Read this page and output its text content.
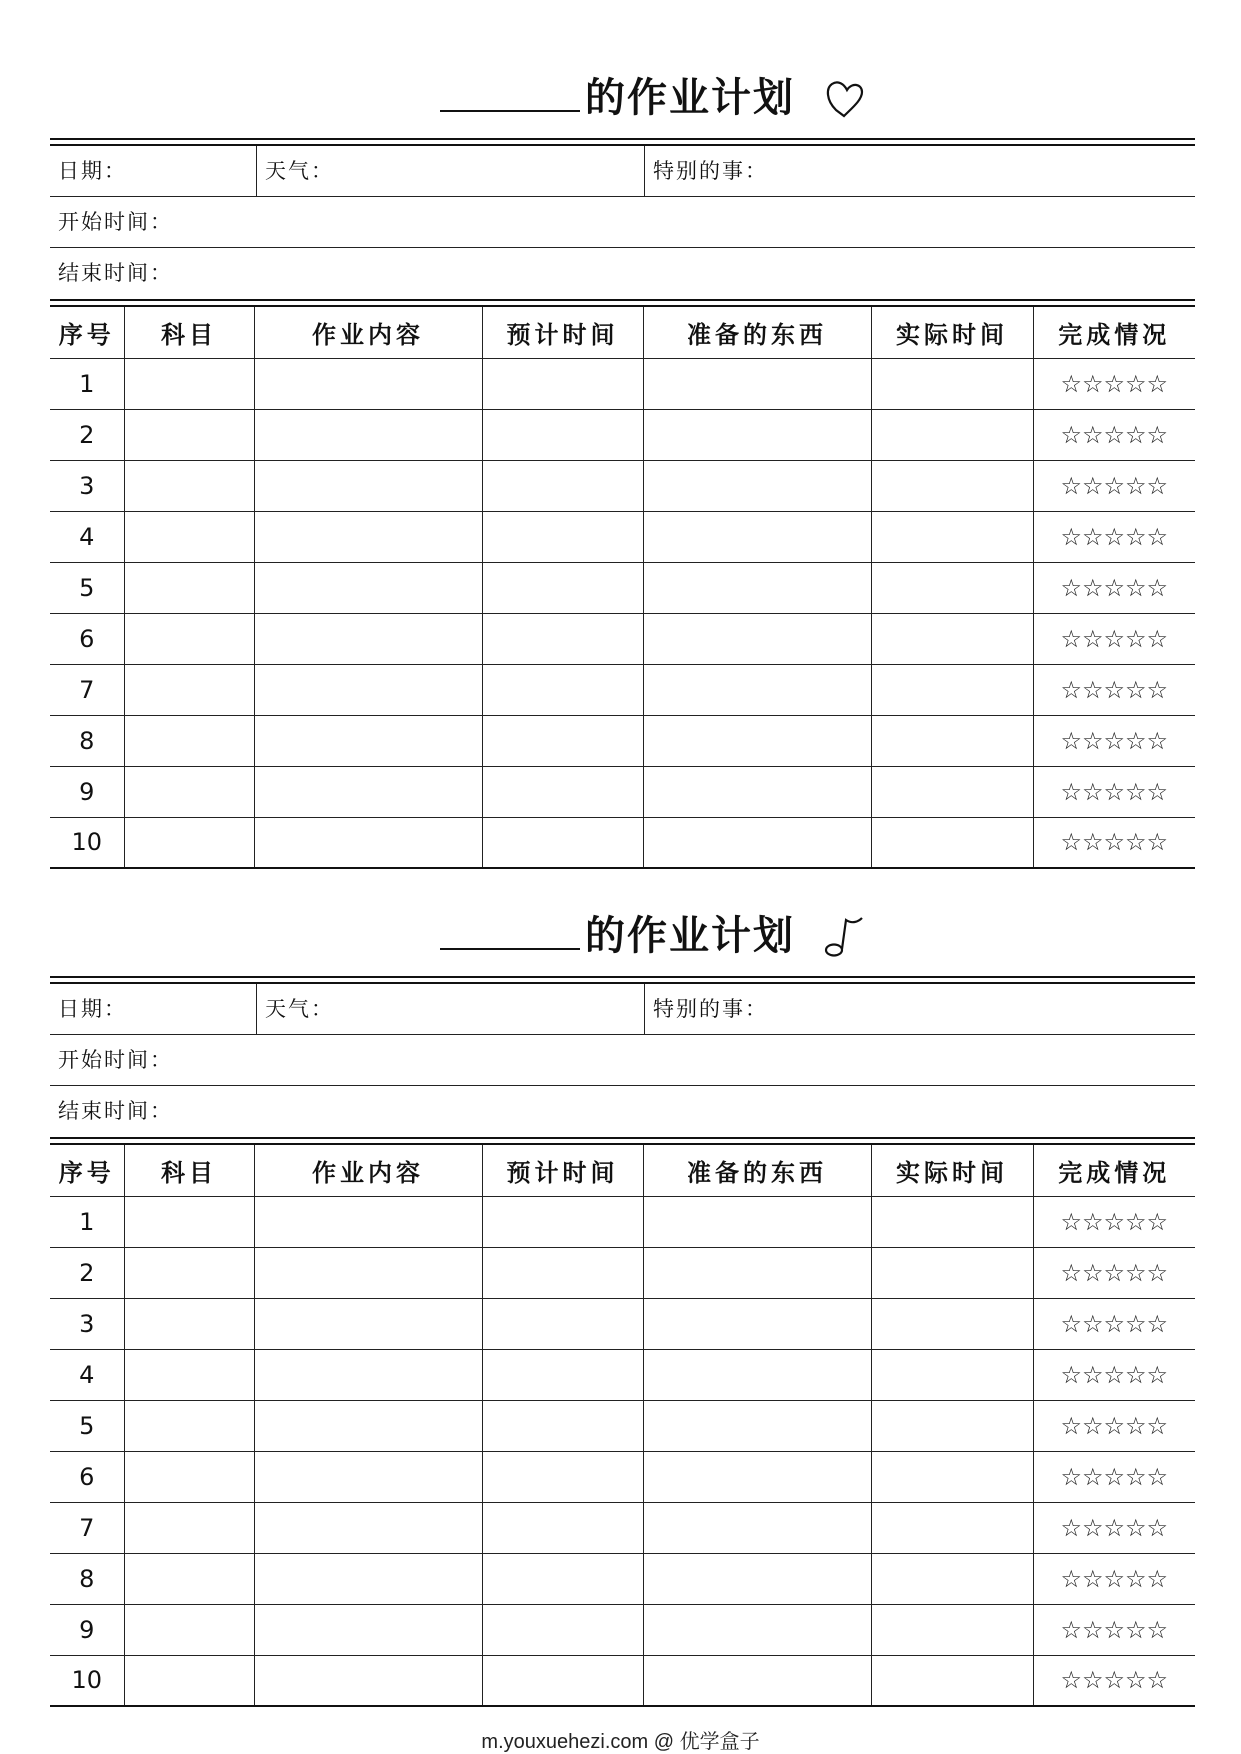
的作业计划
日期：	天气：	特别的事：
开始时间：
结束时间：
序号	科目	作业内容	预计时间	准备的东西	实际时间	完成情况
1						☆☆☆☆☆
2						☆☆☆☆☆
3						☆☆☆☆☆
4						☆☆☆☆☆
5						☆☆☆☆☆
6						☆☆☆☆☆
7						☆☆☆☆☆
8						☆☆☆☆☆
9						☆☆☆☆☆
10						☆☆☆☆☆
的作业计划
日期：	天气：	特别的事：
开始时间：
结束时间：
序号	科目	作业内容	预计时间	准备的东西	实际时间	完成情况
1						☆☆☆☆☆
2						☆☆☆☆☆
3						☆☆☆☆☆
4						☆☆☆☆☆
5						☆☆☆☆☆
6						☆☆☆☆☆
7						☆☆☆☆☆
8						☆☆☆☆☆
9						☆☆☆☆☆
10						☆☆☆☆☆
m.youxuehezi.com @ 优学盒子
